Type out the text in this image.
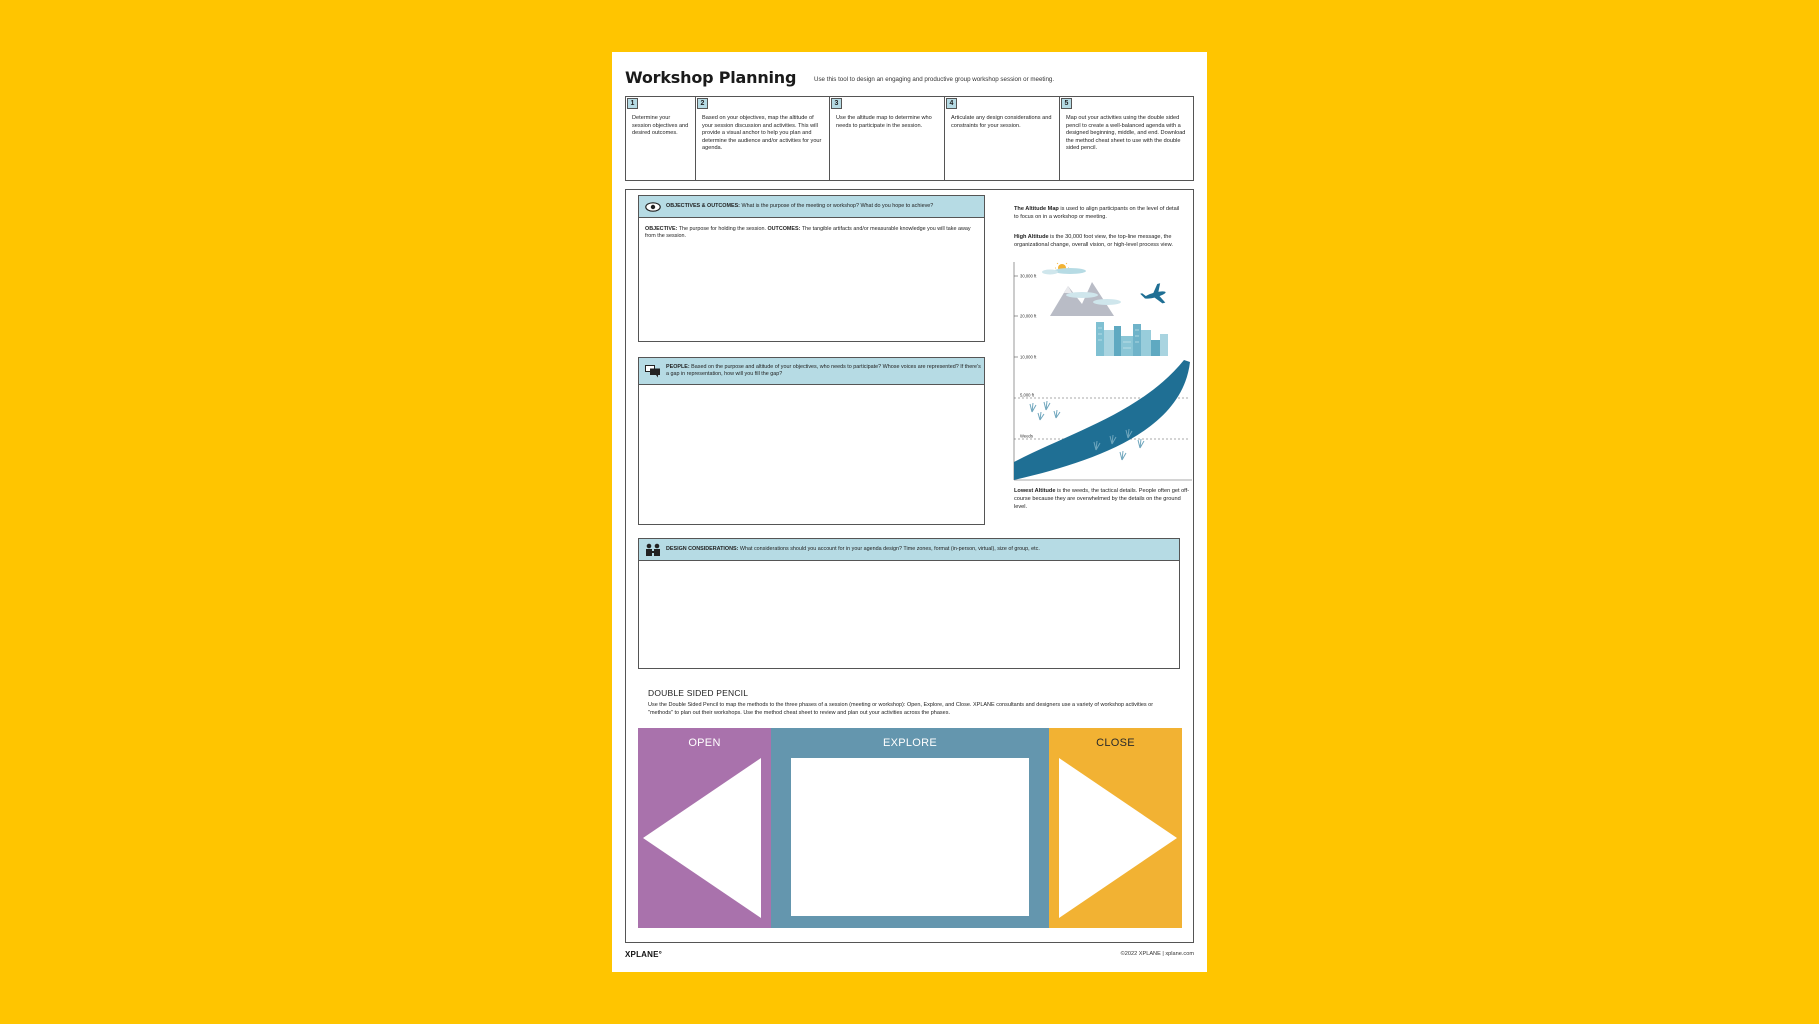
Workshop Planning	Use this tool to design an engaging and productive group workshop session or meeting.
1
Determine your session objectives and desired outcomes.
2
Based on your objectives, map the altitude of your session discussion and activities. This will provide a visual anchor to help you plan and determine the audience and/or activities for your agenda.
3
Use the altitude map to determine who needs to participate in the session.
4
Articulate any design considerations and constraints for your session.
5
Map out your activities using the double sided pencil to create a well-balanced agenda with a designed beginning, middle, and end. Download the method cheat sheet to use with the double sided pencil.
OBJECTIVES & OUTCOMES: What is the purpose of the meeting or workshop? What do you hope to achieve?
OBJECTIVE: The purpose for holding the session. OUTCOMES: The tangible artifacts and/or measurable knowledge you will take away from the session.
PEOPLE: Based on the purpose and altitude of your objectives, who needs to participate? Whose voices are represented? If there's a gap in representation, how will you fill the gap?
The Altitude Map is used to align participants on the level of detail to focus on in a workshop or meeting.
High Altitude is the 30,000 foot view, the top-line message, the organizational change, overall vision, or high-level process view.
30,000 ft
20,000 ft
10,000 ft
5,000 ft
Weeds
Lowest Altitude is the weeds, the tactical details. People often get off-course because they are overwhelmed by the details on the ground level.
DESIGN CONSIDERATIONS: What considerations should you account for in your agenda design? Time zones, format (in-person, virtual), size of group, etc.
DOUBLE SIDED PENCIL
Use the Double Sided Pencil to map the methods to the three phases of a session (meeting or workshop): Open, Explore, and Close. XPLANE consultants and designers use a variety of workshop activities or "methods" to plan out their workshops. Use the method cheat sheet to review and plan out your activities across the phases.
OPEN	EXPLORE	CLOSE
XPLANE°	©2022 XPLANE | xplane.com
